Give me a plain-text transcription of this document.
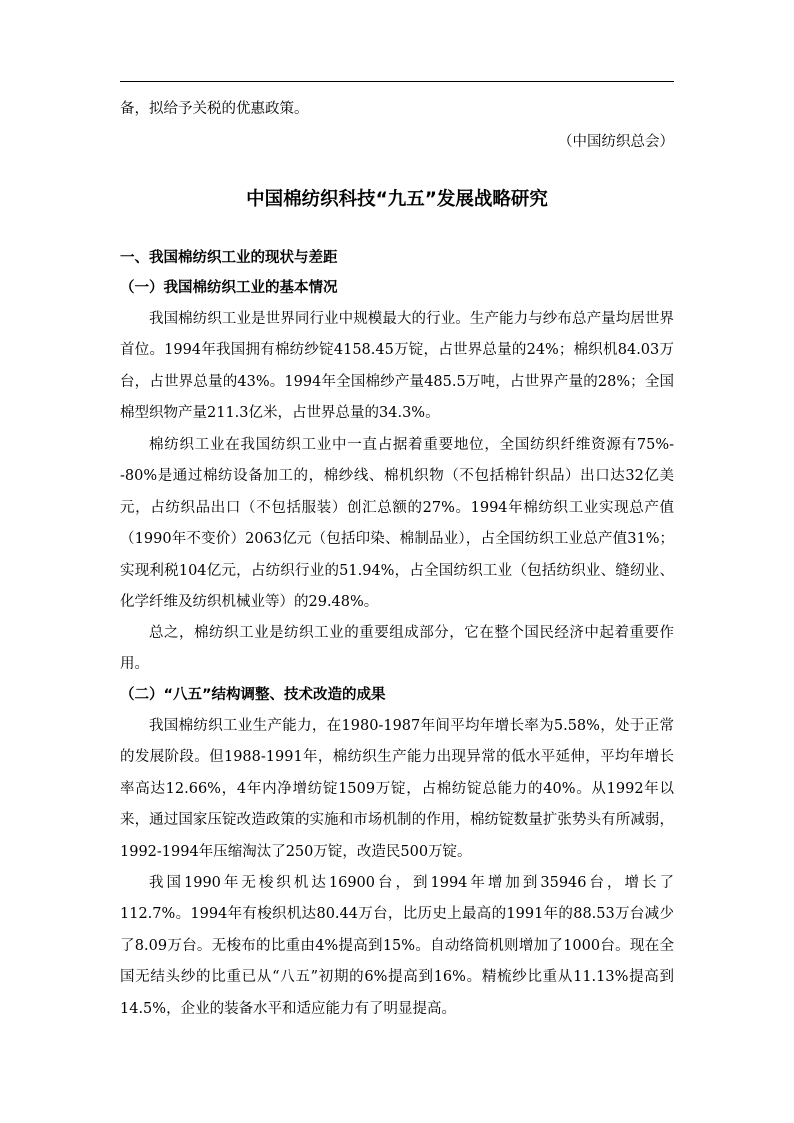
备，拟给予关税的优惠政策。

（中国纺织总会）
中国棉纺织科技“九五”发展战略研究
一、我国棉纺织工业的现状与差距
（一）我国棉纺织工业的基本情况

我国棉纺织工业是世界同行业中规模最大的行业。生产能力与纱布总产量均居世界首位。1994年我国拥有棉纺纱锭4158.45万锭，占世界总量的24%；棉织机84.03万台，占世界总量的43%。1994年全国棉纱产量485.5万吨，占世界产量的28%；全国棉型织物产量211.3亿米，占世界总量的34.3%。

棉纺织工业在我国纺织工业中一直占据着重要地位，全国纺织纤维资源有75%--80%是通过棉纺设备加工的，棉纱线、棉机织物（不包括棉针织品）出口达32亿美元，占纺织品出口（不包括服装）创汇总额的27%。1994年棉纺织工业实现总产值（1990年不变价）2063亿元（包括印染、棉制品业），占全国纺织工业总产值31%；实现利税104亿元，占纺织行业的51.94%，占全国纺织工业（包括纺织业、缝纫业、化学纤维及纺织机械业等）的29.48%。

总之，棉纺织工业是纺织工业的重要组成部分，它在整个国民经济中起着重要作用。

（二）“八五”结构调整、技术改造的成果

我国棉纺织工业生产能力，在1980-1987年间平均年增长率为5.58%，处于正常的发展阶段。但1988-1991年，棉纺织生产能力出现异常的低水平延伸，平均年增长率高达12.66%，4年内净增纺锭1509万锭，占棉纺锭总能力的40%。从1992年以来，通过国家压锭改造政策的实施和市场机制的作用，棉纺锭数量扩张势头有所减弱，1992-1994年压缩淘汰了250万锭，改造民500万锭。

我国1990年无梭织机达16900台，到1994年增加到35946台，增长了112.7%。1994年有梭织机达80.44万台，比历史上最高的1991年的88.53万台减少了8.09万台。无梭布的比重由4%提高到15%。自动络筒机则增加了1000台。现在全国无结头纱的比重已从“八五”初期的6%提高到16%。精梳纱比重从11.13%提高到14.5%，企业的装备水平和适应能力有了明显提高。
